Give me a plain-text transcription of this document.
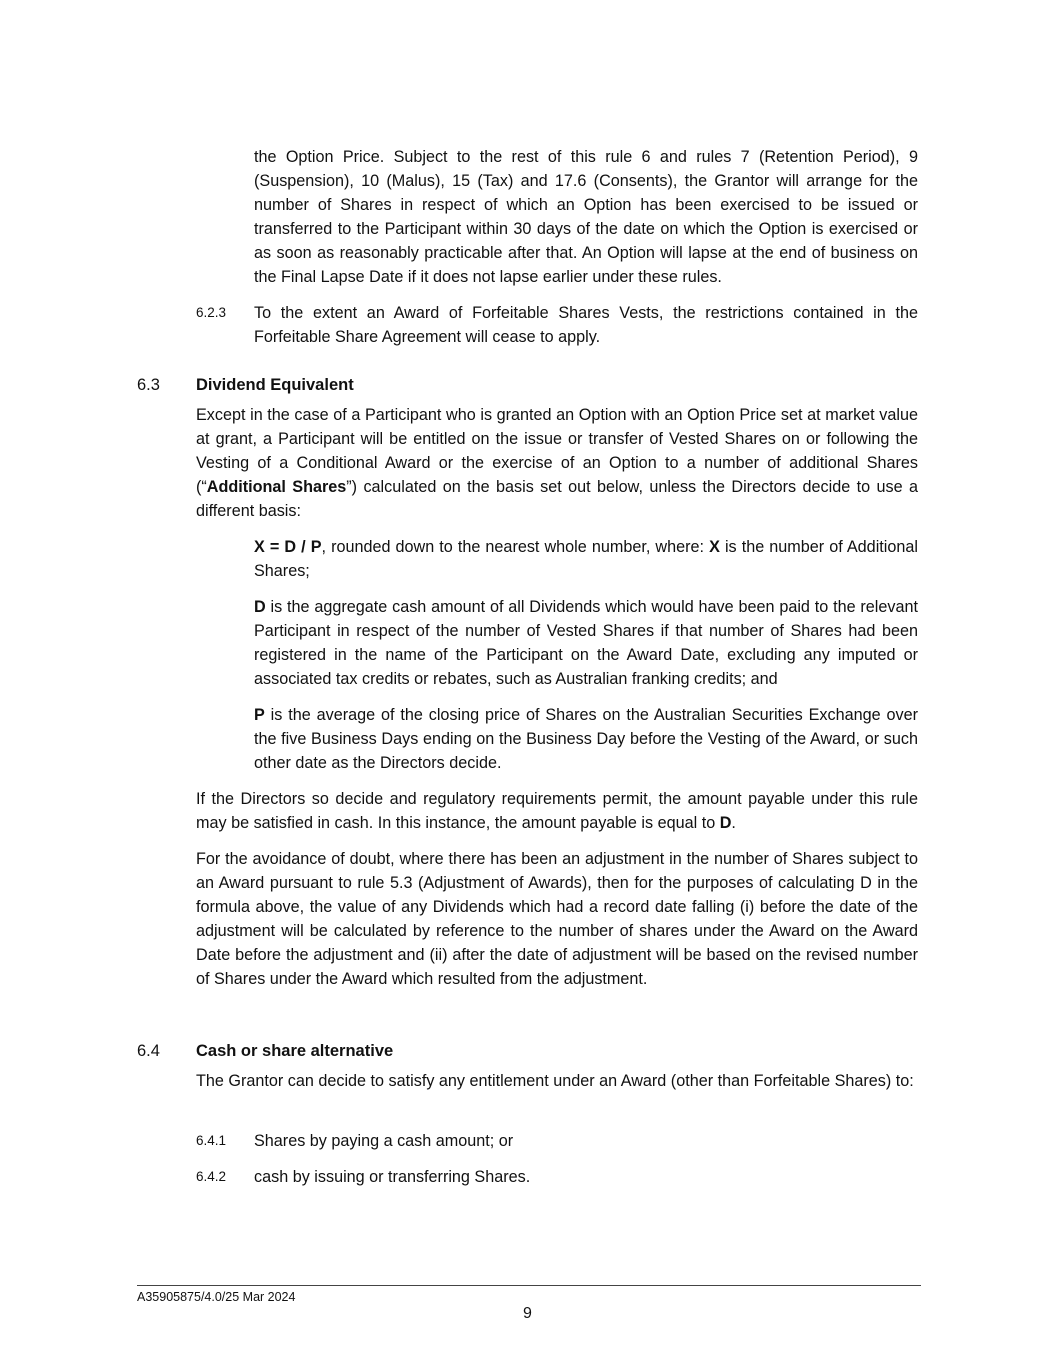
the Option Price. Subject to the rest of this rule 6 and rules 7 (Retention Period), 9 (Suspension), 10 (Malus), 15 (Tax) and 17.6 (Consents), the Grantor will arrange for the number of Shares in respect of which an Option has been exercised to be issued or transferred to the Participant within 30 days of the date on which the Option is exercised or as soon as reasonably practicable after that. An Option will lapse at the end of business on the Final Lapse Date if it does not lapse earlier under these rules.

6.2.3	To the extent an Award of Forfeitable Shares Vests, the restrictions contained in the Forfeitable Share Agreement will cease to apply.

6.3	Dividend Equivalent

Except in the case of a Participant who is granted an Option with an Option Price set at market value at grant, a Participant will be entitled on the issue or transfer of Vested Shares on or following the Vesting of a Conditional Award or the exercise of an Option to a number of additional Shares (“Additional Shares”) calculated on the basis set out below, unless the Directors decide to use a different basis:

X = D / P, rounded down to the nearest whole number, where: X is the number of Additional Shares;

D is the aggregate cash amount of all Dividends which would have been paid to the relevant Participant in respect of the number of Vested Shares if that number of Shares had been registered in the name of the Participant on the Award Date, excluding any imputed or associated tax credits or rebates, such as Australian franking credits; and

P is the average of the closing price of Shares on the Australian Securities Exchange over the five Business Days ending on the Business Day before the Vesting of the Award, or such other date as the Directors decide.

If the Directors so decide and regulatory requirements permit, the amount payable under this rule may be satisfied in cash. In this instance, the amount payable is equal to D.

For the avoidance of doubt, where there has been an adjustment in the number of Shares subject to an Award pursuant to rule 5.3 (Adjustment of Awards), then for the purposes of calculating D in the formula above, the value of any Dividends which had a record date falling (i) before the date of the adjustment will be calculated by reference to the number of shares under the Award on the Award Date before the adjustment and (ii) after the date of adjustment will be based on the revised number of Shares under the Award which resulted from the adjustment.

6.4	Cash or share alternative

The Grantor can decide to satisfy any entitlement under an Award (other than Forfeitable Shares) to:

6.4.1	Shares by paying a cash amount; or

6.4.2	cash by issuing or transferring Shares.

A35905875/4.0/25 Mar 2024
9
